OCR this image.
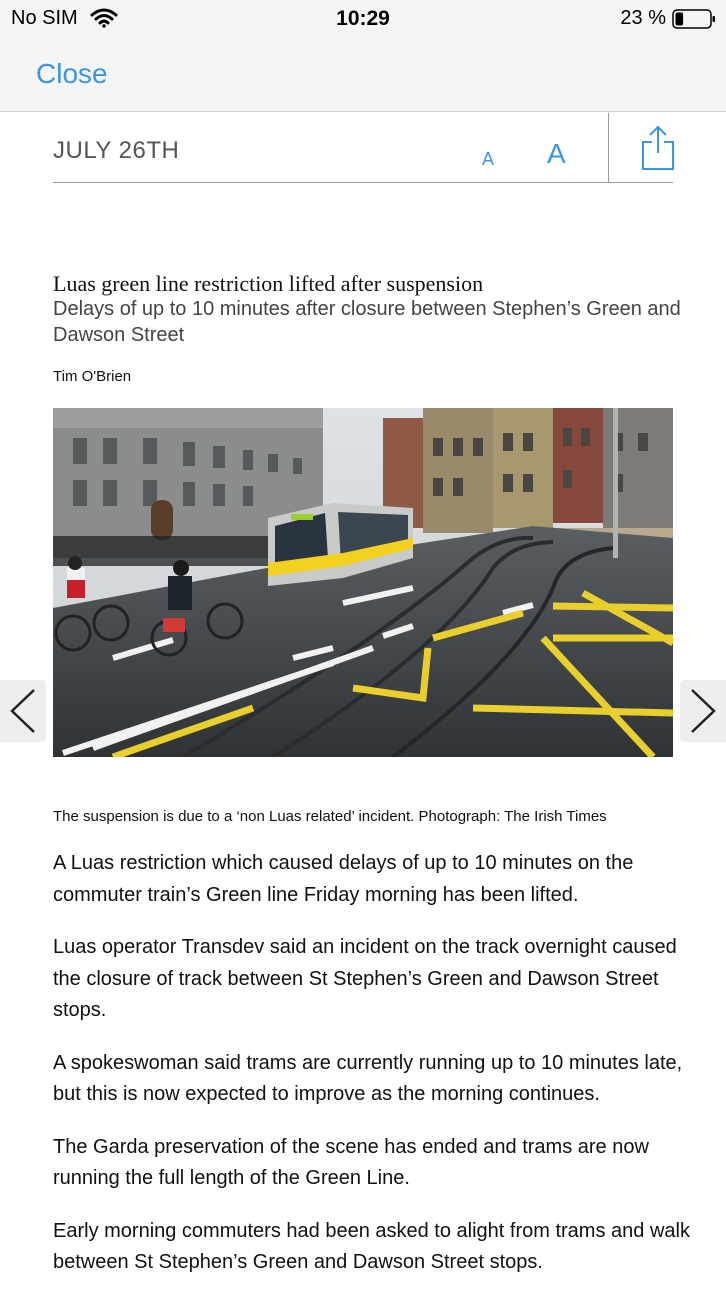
No SIM	10:29	23 %
Close
JULY 26TH	A A
Luas green line restriction lifted after suspension
Delays of up to 10 minutes after closure between Stephen’s Green and Dawson Street
Tim O'Brien
The suspension is due to a ‘non Luas related’ incident. Photograph: The Irish Times

A Luas restriction which caused delays of up to 10 minutes on the commuter train’s Green line Friday morning has been lifted.

Luas operator Transdev said an incident on the track overnight caused the closure of track between St Stephen’s Green and Dawson Street stops.

A spokeswoman said trams are currently running up to 10 minutes late, but this is now expected to improve as the morning continues.

The Garda preservation of the scene has ended and trams are now running the full length of the Green Line.

Early morning commuters had been asked to alight from trams and walk between St Stephen’s Green and Dawson Street stops.
